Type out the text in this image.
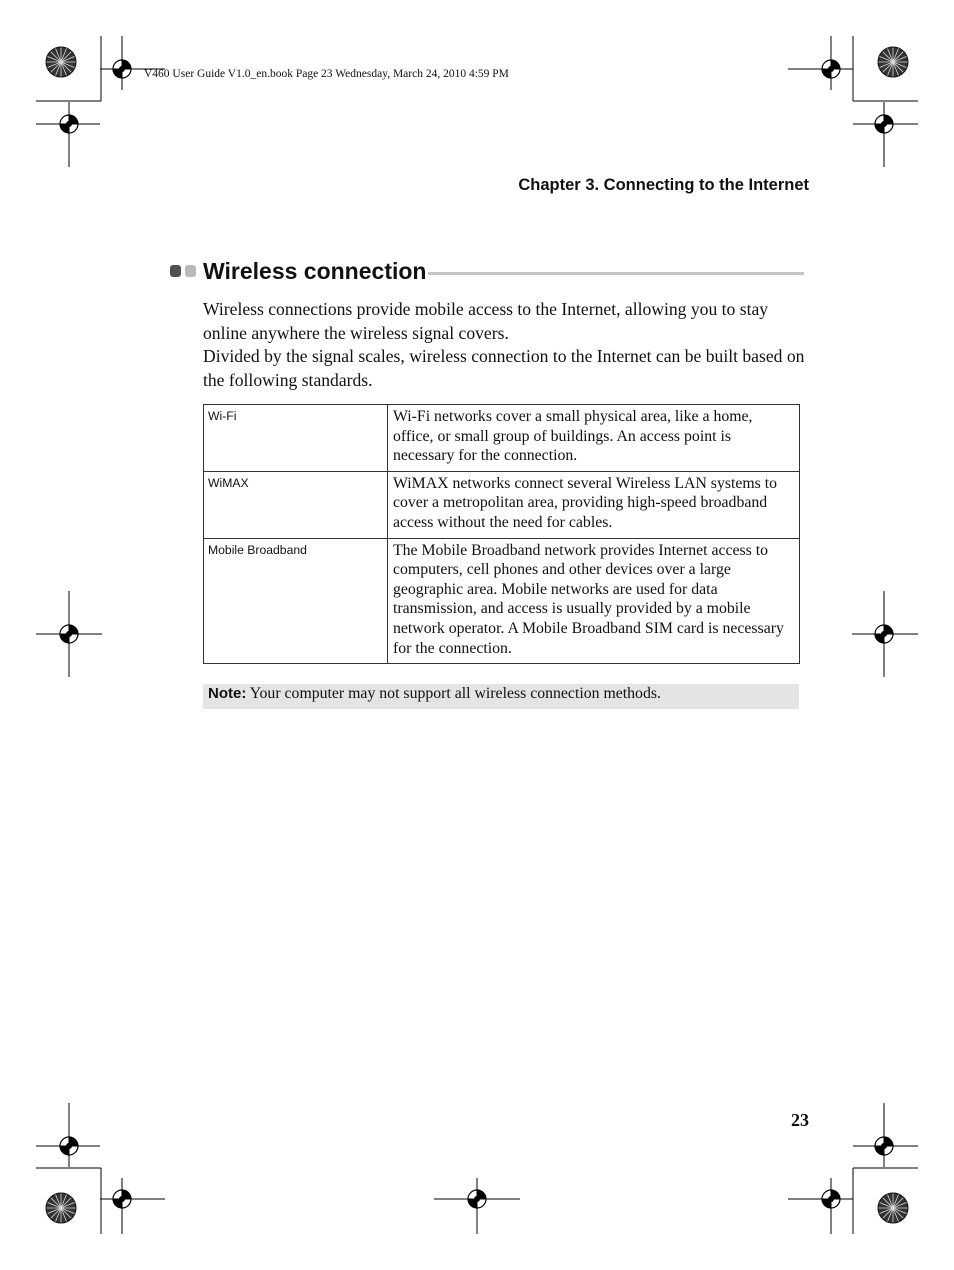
V460 User Guide V1.0_en.book Page 23 Wednesday, March 24, 2010 4:59 PM
Chapter 3. Connecting to the Internet
Wireless connection

Wireless connections provide mobile access to the Internet, allowing you to stay online anywhere the wireless signal covers.

Divided by the signal scales, wireless connection to the Internet can be built based on the following standards.

Wi-Fi	Wi-Fi networks cover a small physical area, like a home, office, or small group of buildings. An access point is necessary for the connection.
WiMAX	WiMAX networks connect several Wireless LAN systems to cover a metropolitan area, providing high-speed broadband access without the need for cables.
Mobile Broadband	The Mobile Broadband network provides Internet access to computers, cell phones and other devices over a large geographic area. Mobile networks are used for data transmission, and access is usually provided by a mobile network operator. A Mobile Broadband SIM card is necessary for the connection.
Note: Your computer may not support all wireless connection methods.
23
